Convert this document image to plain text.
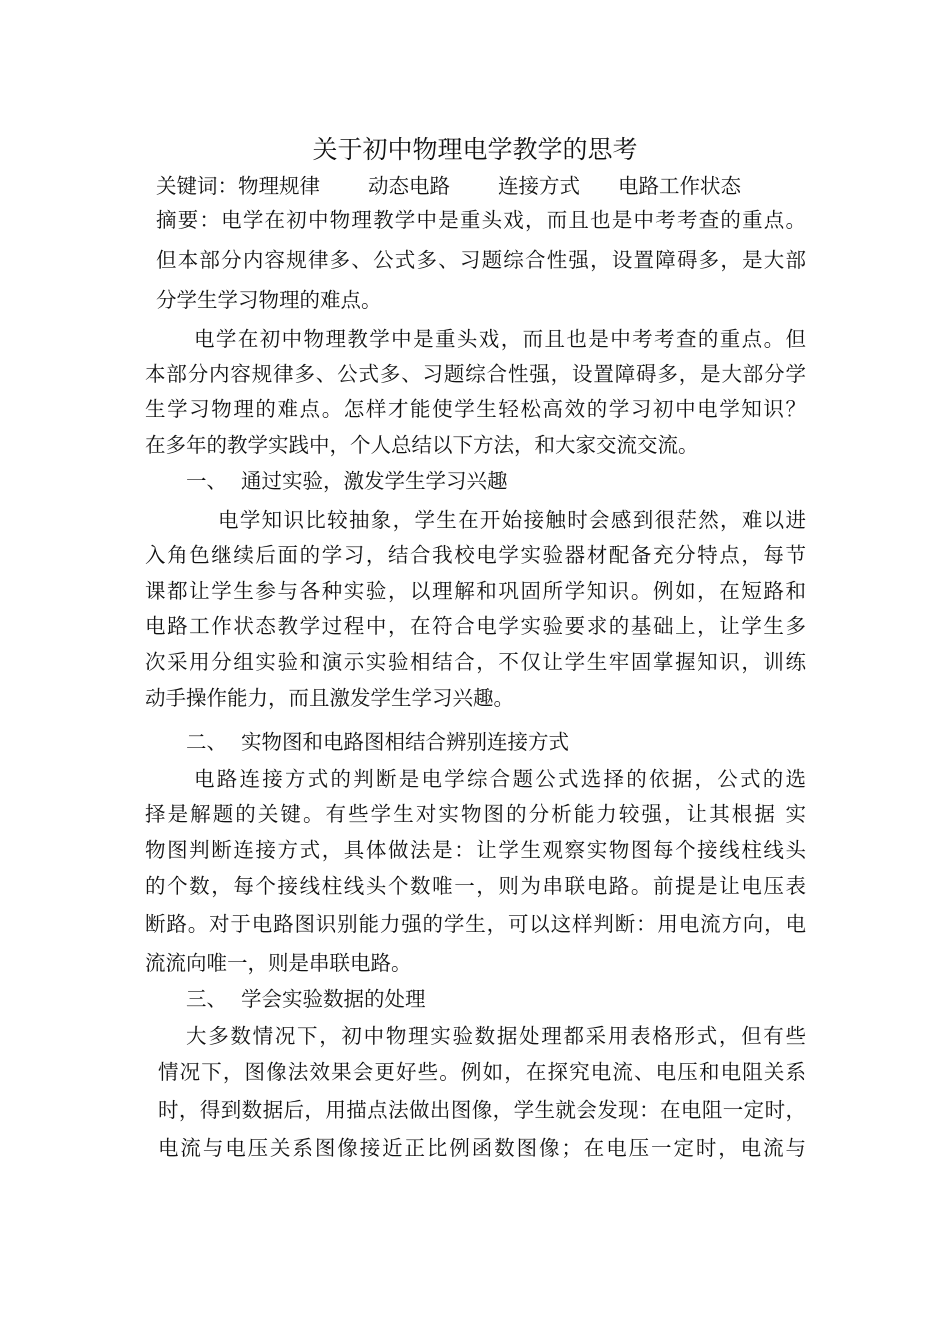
关于初中物理电学教学的思考
关键词：物理规律 动态电路 连接方式 电路工作状态
摘要：电学在初中物理教学中是重头戏，而且也是中考考查的重点。
但本部分内容规律多、公式多、习题综合性强，设置障碍多，是大部
分学生学习物理的难点。
电学在初中物理教学中是重头戏，而且也是中考考查的重点。但
本部分内容规律多、公式多、习题综合性强，设置障碍多，是大部分学
生学习物理的难点。怎样才能使学生轻松高效的学习初中电学知识？
在多年的教学实践中，个人总结以下方法，和大家交流交流。
一、 通过实验，激发学生学习兴趣
电学知识比较抽象，学生在开始接触时会感到很茫然，难以进
入角色继续后面的学习，结合我校电学实验器材配备充分特点，每节
课都让学生参与各种实验，以理解和巩固所学知识。例如，在短路和
电路工作状态教学过程中，在符合电学实验要求的基础上，让学生多
次采用分组实验和演示实验相结合，不仅让学生牢固掌握知识，训练
动手操作能力，而且激发学生学习兴趣。
二、 实物图和电路图相结合辨别连接方式
电路连接方式的判断是电学综合题公式选择的依据，公式的选
择是解题的关键。有些学生对实物图的分析能力较强，让其根据 实
物图判断连接方式，具体做法是：让学生观察实物图每个接线柱线头
的个数，每个接线柱线头个数唯一，则为串联电路。前提是让电压表
断路。对于电路图识别能力强的学生，可以这样判断：用电流方向，电
流流向唯一，则是串联电路。
三、 学会实验数据的处理
大多数情况下，初中物理实验数据处理都采用表格形式，但有些
情况下，图像法效果会更好些。例如，在探究电流、电压和电阻关系
时，得到数据后，用描点法做出图像，学生就会发现：在电阻一定时，
电流与电压关系图像接近正比例函数图像；在电压一定时，电流与
